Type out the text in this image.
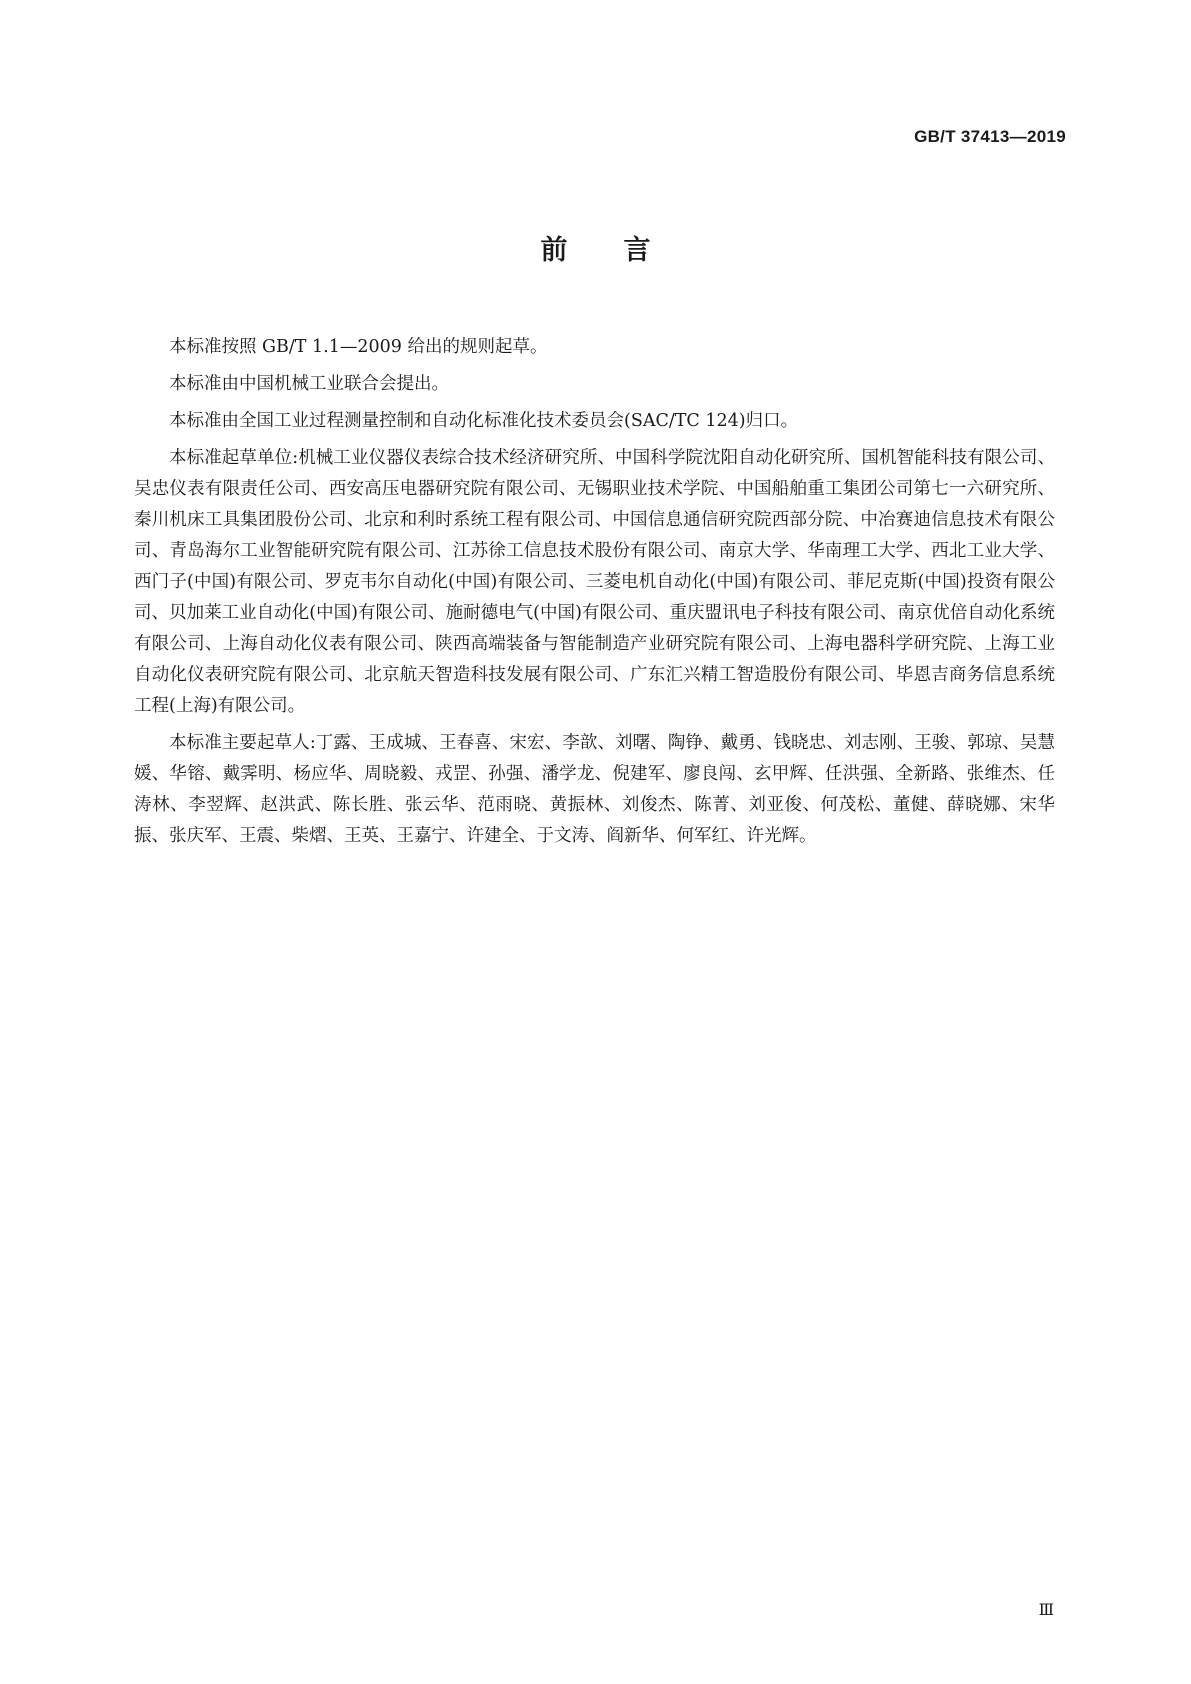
GB/T 37413—2019
前言

本标准按照 GB/T 1.1—2009 给出的规则起草。

本标准由中国机械工业联合会提出。

本标准由全国工业过程测量控制和自动化标准化技术委员会(SAC/TC 124)归口。

本标准起草单位:机械工业仪器仪表综合技术经济研究所、中国科学院沈阳自动化研究所、国机智能科技有限公司、吴忠仪表有限责任公司、西安高压电器研究院有限公司、无锡职业技术学院、中国船舶重工集团公司第七一六研究所、秦川机床工具集团股份公司、北京和利时系统工程有限公司、中国信息通信研究院西部分院、中冶赛迪信息技术有限公司、青岛海尔工业智能研究院有限公司、江苏徐工信息技术股份有限公司、南京大学、华南理工大学、西北工业大学、西门子(中国)有限公司、罗克韦尔自动化(中国)有限公司、三菱电机自动化(中国)有限公司、菲尼克斯(中国)投资有限公司、贝加莱工业自动化(中国)有限公司、施耐德电气(中国)有限公司、重庆盟讯电子科技有限公司、南京优倍自动化系统有限公司、上海自动化仪表有限公司、陕西高端装备与智能制造产业研究院有限公司、上海电器科学研究院、上海工业自动化仪表研究院有限公司、北京航天智造科技发展有限公司、广东汇兴精工智造股份有限公司、毕恩吉商务信息系统工程(上海)有限公司。

本标准主要起草人:丁露、王成城、王春喜、宋宏、李歆、刘曙、陶铮、戴勇、钱晓忠、刘志刚、王骏、郭琼、吴慧媛、华镕、戴霁明、杨应华、周晓毅、戎罡、孙强、潘学龙、倪建军、廖良闯、玄甲辉、任洪强、全新路、张维杰、任涛林、李翌辉、赵洪武、陈长胜、张云华、范雨晓、黄振林、刘俊杰、陈菁、刘亚俊、何茂松、董健、薛晓娜、宋华振、张庆军、王震、柴熠、王英、王嘉宁、许建全、于文涛、阎新华、何军红、许光辉。

Ⅲ
